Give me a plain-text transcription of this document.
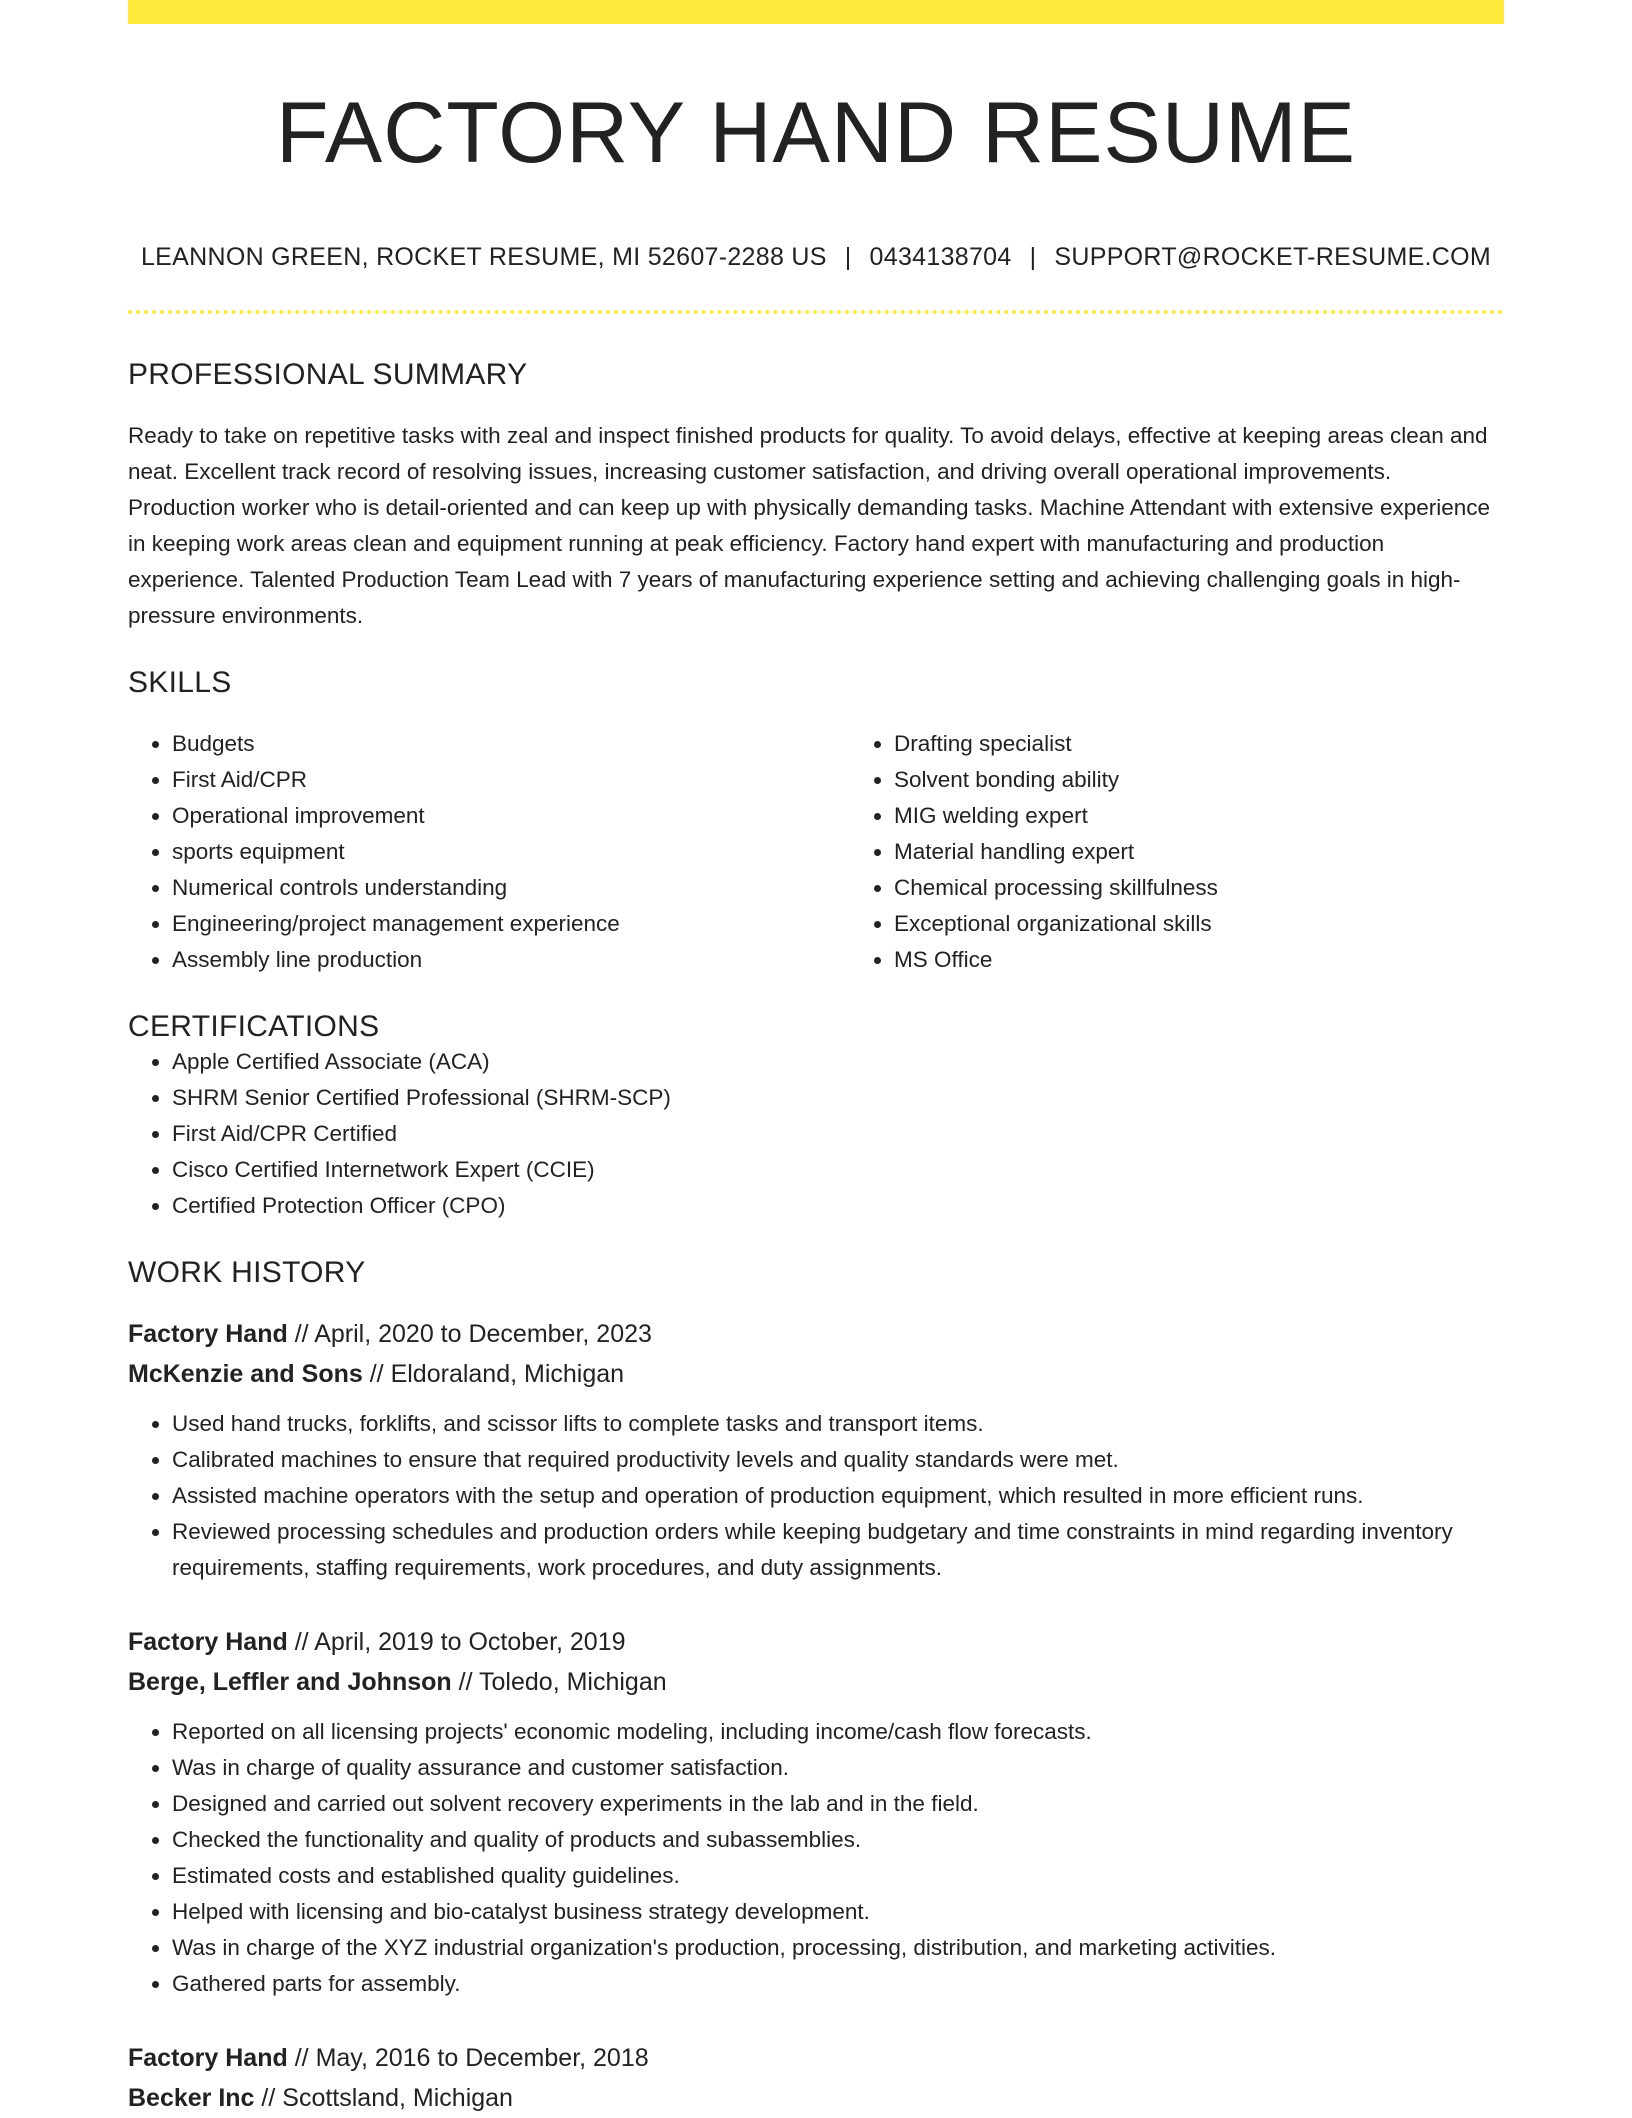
FACTORY HAND RESUME
LEANNON GREEN, ROCKET RESUME, MI 52607-2288 US | 0434138704 | SUPPORT@ROCKET-RESUME.COM
PROFESSIONAL SUMMARY

Ready to take on repetitive tasks with zeal and inspect finished products for quality. To avoid delays, effective at keeping areas clean and neat. Excellent track record of resolving issues, increasing customer satisfaction, and driving overall operational improvements. Production worker who is detail-oriented and can keep up with physically demanding tasks. Machine Attendant with extensive experience in keeping work areas clean and equipment running at peak efficiency. Factory hand expert with manufacturing and production experience. Talented Production Team Lead with 7 years of manufacturing experience setting and achieving challenging goals in high-pressure environments.

SKILLS
• Budgets
• First Aid/CPR
• Operational improvement
• sports equipment
• Numerical controls understanding
• Engineering/project management experience
• Assembly line production
• Drafting specialist
• Solvent bonding ability
• MIG welding expert
• Material handling expert
• Chemical processing skillfulness
• Exceptional organizational skills
• MS Office
CERTIFICATIONS
• Apple Certified Associate (ACA)
• SHRM Senior Certified Professional (SHRM-SCP)
• First Aid/CPR Certified
• Cisco Certified Internetwork Expert (CCIE)
• Certified Protection Officer (CPO)
WORK HISTORY
Factory Hand // April, 2020 to December, 2023
McKenzie and Sons // Eldoraland, Michigan
• Used hand trucks, forklifts, and scissor lifts to complete tasks and transport items.
• Calibrated machines to ensure that required productivity levels and quality standards were met.
• Assisted machine operators with the setup and operation of production equipment, which resulted in more efficient runs.
• Reviewed processing schedules and production orders while keeping budgetary and time constraints in mind regarding inventory requirements, staffing requirements, work procedures, and duty assignments.
Factory Hand // April, 2019 to October, 2019
Berge, Leffler and Johnson // Toledo, Michigan
• Reported on all licensing projects' economic modeling, including income/cash flow forecasts.
• Was in charge of quality assurance and customer satisfaction.
• Designed and carried out solvent recovery experiments in the lab and in the field.
• Checked the functionality and quality of products and subassemblies.
• Estimated costs and established quality guidelines.
• Helped with licensing and bio-catalyst business strategy development.
• Was in charge of the XYZ industrial organization's production, processing, distribution, and marketing activities.
• Gathered parts for assembly.
Factory Hand // May, 2016 to December, 2018
Becker Inc // Scottsland, Michigan
